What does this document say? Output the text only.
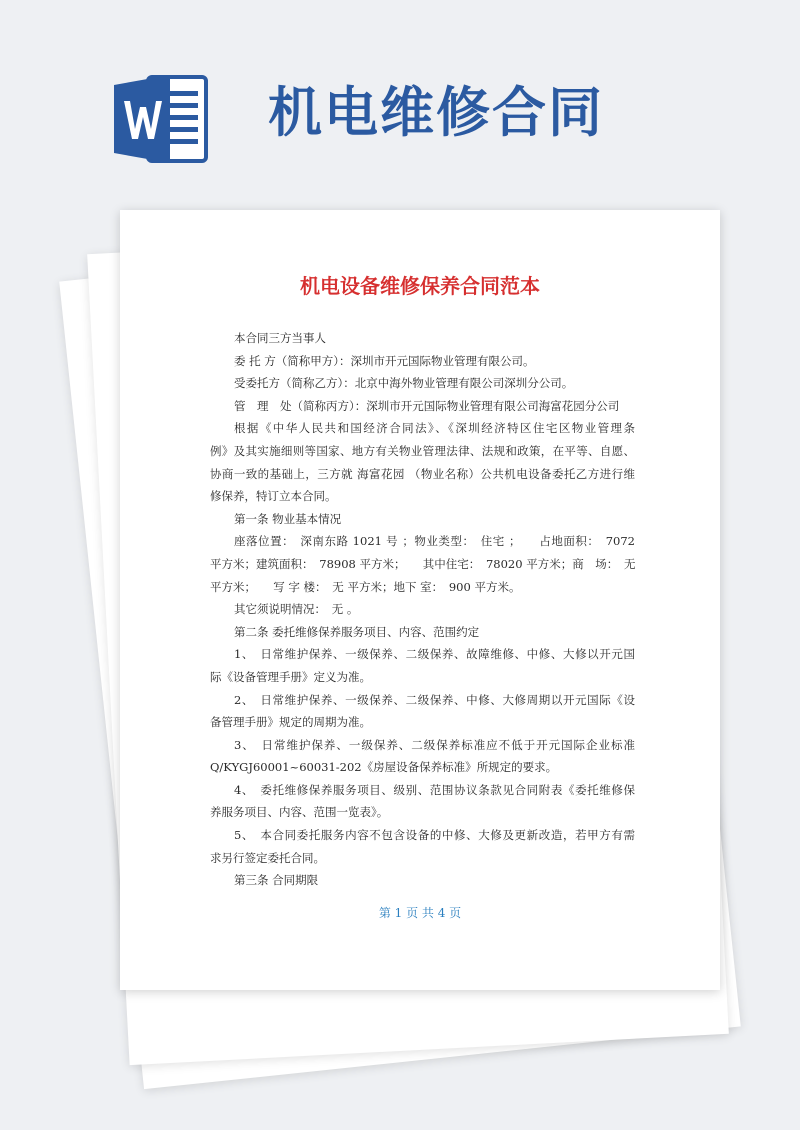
机电维修合同
机电设备维修保养合同范本
本合同三方当事人
委 托 方（简称甲方）：深圳市开元国际物业管理有限公司。
受委托方（简称乙方）：北京中海外物业管理有限公司深圳分公司。
管　理　处（简称丙方）：深圳市开元国际物业管理有限公司海富花园分公司
根据《中华人民共和国经济合同法》、《深圳经济特区住宅区物业管理条
例》及其实施细则等国家、地方有关物业管理法律、法规和政策，在平等、自愿、
协商一致的基础上，三方就 海富花园 （物业名称）公共机电设备委托乙方进行维
修保养，特订立本合同。
第一条 物业基本情况
座落位置：　深南东路 1021 号 ；物业类型：　住宅 ；　　占地面积：　7072
平方米；建筑面积：　78908 平方米；　　其中住宅：　78020 平方米；商　场：　无
平方米；　　写 字 楼：　无 平方米；地下 室：　900 平方米。
其它须说明情况：　无 。
第二条 委托维修保养服务项目、内容、范围约定
1、　日常维护保养、一级保养、二级保养、故障维修、中修、大修以开元国
际《设备管理手册》定义为准。
2、　日常维护保养、一级保养、二级保养、中修、大修周期以开元国际《设
备管理手册》规定的周期为准。
3、　日常维护保养、一级保养、二级保养标准应不低于开元国际企业标准
Q/KYGJ60001~60031-202《房屋设备保养标准》所规定的要求。
4、　委托维修保养服务项目、级别、范围协议条款见合同附表《委托维修保
养服务项目、内容、范围一览表》。
5、　本合同委托服务内容不包含设备的中修、大修及更新改造，若甲方有需
求另行签定委托合同。
第三条 合同期限
第 1 页 共 4 页
